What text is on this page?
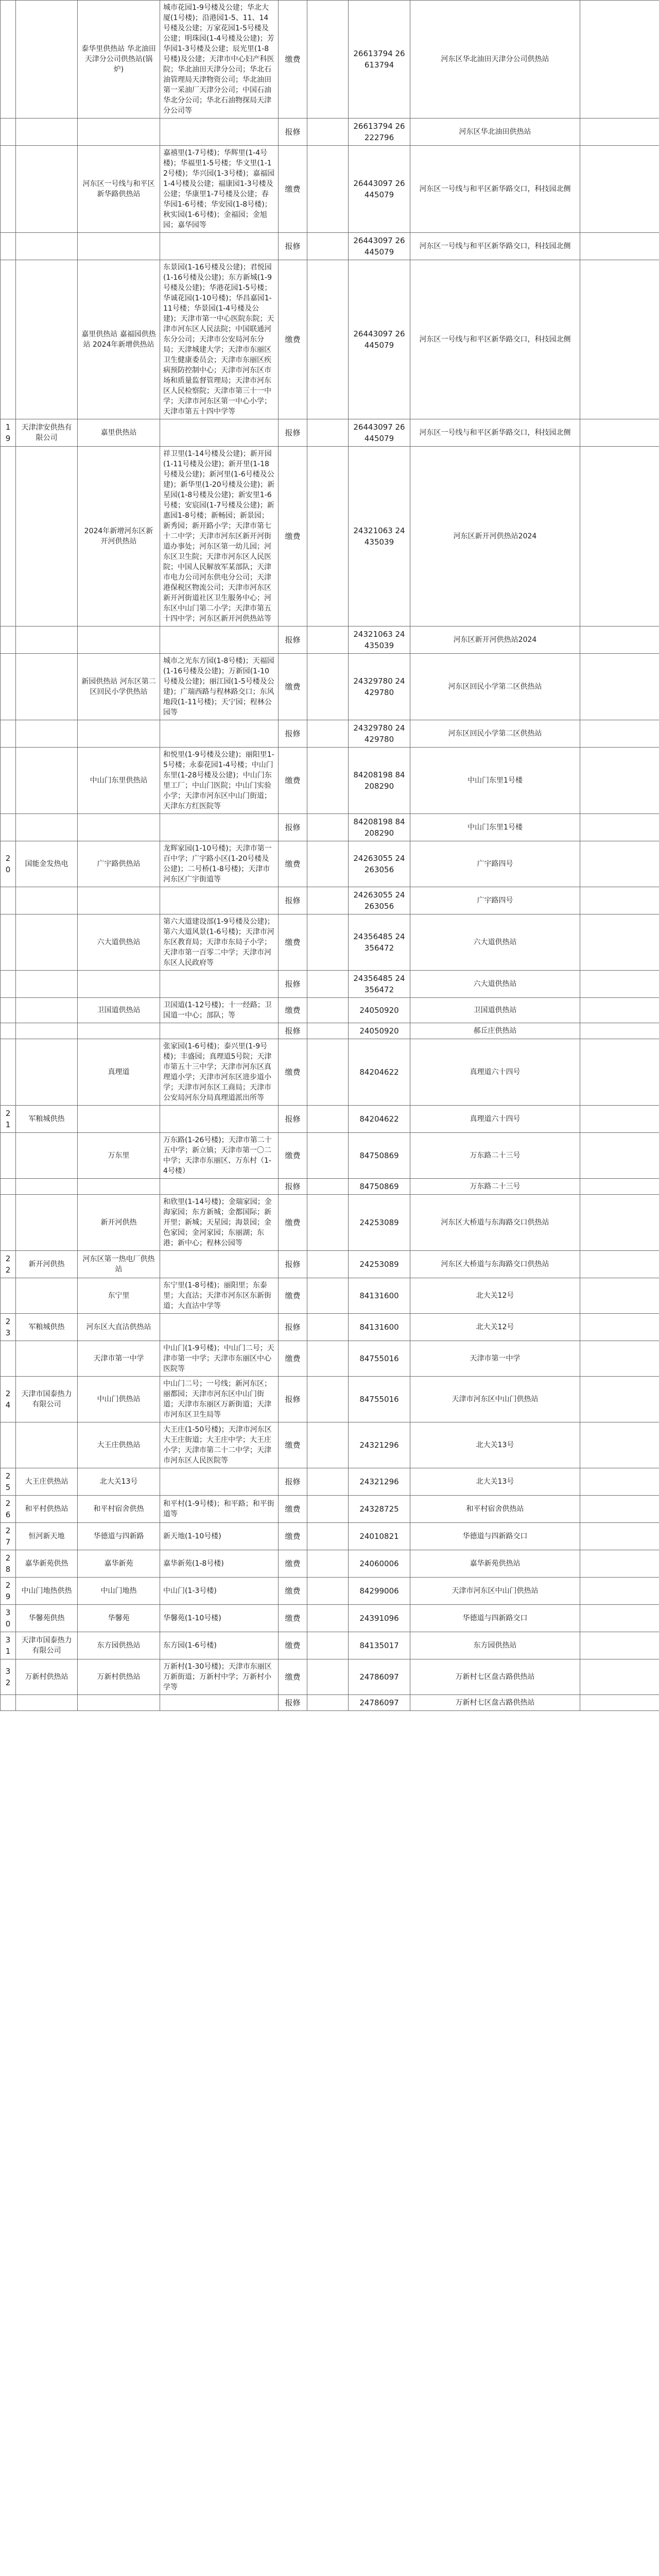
		泰华里供热站 华北油田天津分公司供热站(锅炉)	城市花园1-9号楼及公建；华北大厦(1号楼)；沿港园1-5、11、14号楼及公建；万家花园1-5号楼及公建；明珠园(1-4号楼及公建)；芳华园1-3号楼及公建；辰光里(1-8号楼)及公建；天津市中心妇产科医院；华北油田天津分公司；华北石油管理局天津物资公司；华北油田第一采油厂天津分公司；中国石油华北分公司；华北石油物探局天津分公司等	缴费		26613794 26613794	河东区华北油田天津分公司供热站	
				报修		26613794 26222796	河东区华北油田供热站	
		河东区一号线与和平区新华路供热站	嘉禧里(1-7号楼)；华辉里(1-4号楼)；华福里1-5号楼；华文里(1-12号楼)；华兴园(1-3号楼)；嘉福园1-4号楼及公建；福康园1-3号楼及公建；华康里1-7号楼及公建；春华园1-6号楼；华安园(1-8号楼)；秋实园(1-6号楼)；金福园；金旭园；嘉华园等	缴费		26443097 26445079	河东区一号线与和平区新华路交口，科技园北侧	
				报修		26443097 26445079	河东区一号线与和平区新华路交口，科技园北侧	
		嘉里供热站 嘉福园供热站 2024年新增供热站	东景园(1-16号楼及公建)；君悦园(1-16号楼及公建)；东方新城(1-9号楼及公建)；华港花园1-5号楼；华诚花园(1-10号楼)；华昌嘉园1-11号楼；华景园(1-4号楼及公建)；天津市第一中心医院东院；天津市河东区人民法院；中国联通河东分公司；天津市公安局河东分局；天津城建大学；天津市东丽区卫生健康委员会；天津市东丽区疾病预防控制中心；天津市河东区市场和质量监督管理局；天津市河东区人民检察院；天津市第三十一中学；天津市河东区第一中心小学；天津市第五十四中学等	缴费		26443097 26445079	河东区一号线与和平区新华路交口，科技园北侧	
19	天津津安供热有限公司	嘉里供热站		报修		26443097 26445079	河东区一号线与和平区新华路交口，科技园北侧	
		2024年新增河东区新开河供热站	祥卫里(1-14号楼及公建)；新开园(1-11号楼及公建)；新开里(1-18号楼及公建)；新河里(1-6号楼及公建)；新华里(1-20号楼及公建)；新星园(1-8号楼及公建)；新安里1-6号楼；安宸园(1-7号楼及公建)；新惠园1-8号楼；新畅园；新景园；新秀园；新开路小学；天津市第七十二中学；天津市河东区新开河街道办事处；河东区第一幼儿园；河东区卫生院；天津市河东区人民医院；中国人民解放军某部队；天津市电力公司河东供电分公司；天津港保税区物流公司；天津市河东区新开河街道社区卫生服务中心；河东区中山门第二小学；天津市第五十四中学；河东区新开河供热站等	缴费		24321063 24435039	河东区新开河供热站2024	
				报修		24321063 24435039	河东区新开河供热站2024	
		新园供热站 河东区第二区回民小学供热站	城市之光东方园(1-8号楼)；天福园(1-16号楼及公建)；万新园(1-10号楼及公建)；丽江园(1-5号楼及公建)；广瑞西路与程林路交口；东风地段(1-11号楼)；天宁园；程林公园等	缴费		24329780 24429780	河东区回民小学第二区供热站	
				报修		24329780 24429780	河东区回民小学第二区供热站	
		中山门东里供热站	和悦里(1-9号楼及公建)；丽阳里1-5号楼；永泰花园1-4号楼；中山门东里(1-28号楼及公建)；中山门东里工厂；中山门医院；中山门实验小学；天津市河东区中山门街道；天津东方红医院等	缴费		84208198 84208290	中山门东里1号楼	
				报修		84208198 84208290	中山门东里1号楼	
20	国能金发热电	广宇路供热站	龙辉家园(1-10号楼)；天津市第一百中学；广宇路小区(1-20号楼及公建)；二号桥(1-8号楼)；天津市河东区广宇街道等	缴费		24263055 24263056	广宇路四号	
				报修		24263055 24263056	广宇路四号	
		六大道供热站	第六大道建设部(1-9号楼及公建)；第六大道风景(1-6号楼)；天津市河东区教育局；天津市东局子小学；天津市第一百零二中学；天津市河东区人民政府等	缴费		24356485 24356472	六大道供热站	
				报修		24356485 24356472	六大道供热站	
		卫国道供热站	卫国道(1-12号楼)；十一经路；卫国道一中心；部队；等	缴费		24050920	卫国道供热站	
				报修		24050920	郝丘庄供热站	
		真理道	张家园(1-6号楼)；泰兴里(1-9号楼)；丰盛园；真理道5号院；天津市第五十三中学；天津市河东区真理道小学；天津市河东区进步道小学；天津市河东区工商局；天津市公安局河东分局真理道派出所等	缴费		84204622	真理道六十四号	
21	军粮城供热			报修		84204622	真理道六十四号	
		万东里	万东路(1-26号楼)；天津市第二十五中学；新立镇；天津市第一〇二中学；天津市东丽区、万东村（1-4号楼）	缴费		84750869	万东路二十三号	
				报修		84750869	万东路二十三号	
		新开河供热	和欣里(1-14号楼)；金瑞家园；金海家园；东方新城；金都国际；新开里；新城；天星园；海景园；金色家园；金河家园；东丽湖；东港；新中心；程林公园等	缴费		24253089	河东区大桥道与东海路交口供热站	
22	新开河供热	河东区第一热电厂供热站		报修		24253089	河东区大桥道与东海路交口供热站	
		东宁里	东宁里(1-8号楼)；丽阳里；东泰里；大直沽；天津市河东区东新街道；大直沽中学等	缴费		84131600	北大关12号	
23	军粮城供热	河东区大直沽供热站		报修		84131600	北大关12号	
		天津市第一中学	中山门(1-9号楼)；中山门二号；天津市第一中学；天津市东丽区中心医院等	缴费		84755016	天津市第一中学	
24	天津市国泰热力有限公司	中山门供热站	中山门二号；一号线；新河东区；丽都园；天津市河东区中山门街道；天津市东丽区万新街道；天津市河东区卫生局等	报修		84755016	天津市河东区中山门供热站	
		大王庄供热站	大王庄(1-50号楼)；天津市河东区大王庄街道；大王庄中学；大王庄小学；天津市第二十二中学；天津市河东区人民医院等	缴费		24321296	北大关13号	
25	大王庄供热站	北大关13号		报修		24321296	北大关13号	
26	和平村供热站	和平村宿舍供热	和平村(1-9号楼)；和平路；和平街道等	缴费		24328725	和平村宿舍供热站	
27	恒河新天地	华德道与四新路	新天地(1-10号楼)	缴费		24010821	华德道与四新路交口	
28	嘉华新苑供热	嘉华新苑	嘉华新苑(1-8号楼)	缴费		24060006	嘉华新苑供热站	
29	中山门地热供热	中山门地热	中山门(1-3号楼)	缴费		84299006	天津市河东区中山门供热站	
30	华馨苑供热	华馨苑	华馨苑(1-10号楼)	缴费		24391096	华德道与四新路交口	
31	天津市国泰热力有限公司	东方园供热站	东方园(1-6号楼)	缴费		84135017	东方园供热站	
32	万新村供热站	万新村供热站	万新村(1-30号楼)；天津市东丽区万新街道；万新村中学；万新村小学等	缴费		24786097	万新村七区盘古路供热站	
				报修		24786097	万新村七区盘古路供热站	
